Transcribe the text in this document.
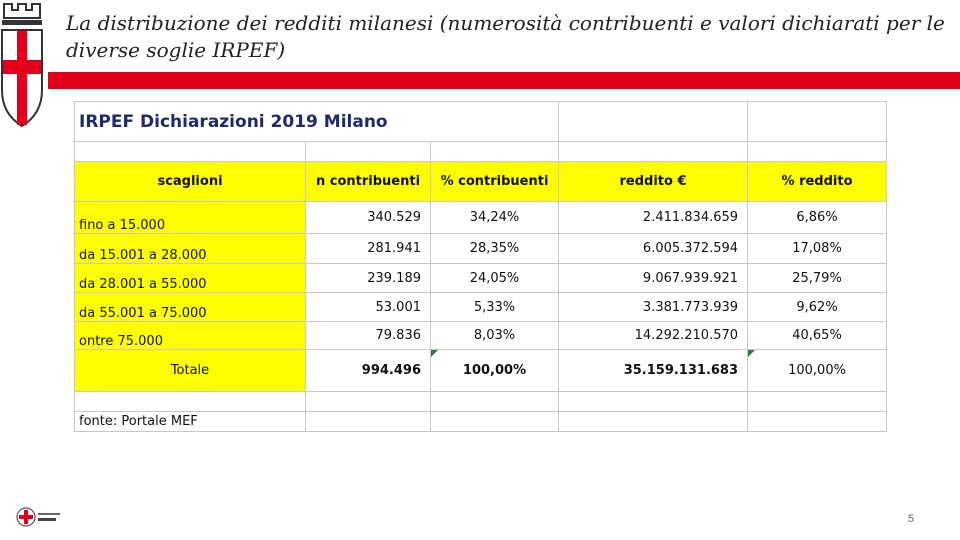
La distribuzione dei redditi milanesi (numerosità contribuenti e valori dichiarati per le diverse soglie IRPEF)
IRPEF Dichiarazioni 2019 Milano				

scaglioni	n contribuenti	% contribuenti	reddito €	% reddito
fino a 15.000	340.529	34,24%	2.411.834.659	6,86%
da 15.001 a 28.000	281.941	28,35%	6.005.372.594	17,08%
da 28.001 a 55.000	239.189	24,05%	9.067.939.921	25,79%
da 55.001 a 75.000	53.001	5,33%	3.381.773.939	9,62%
ontre 75.000	79.836	8,03%	14.292.210.570	40,65%
Totale	994.496	100,00%	35.159.131.683	100,00%

fonte: Portale MEF				
5
